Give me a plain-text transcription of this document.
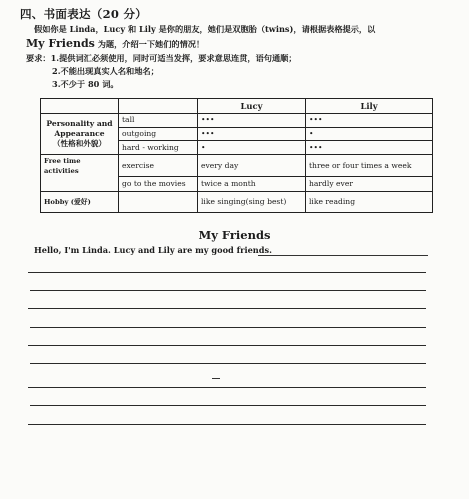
四、书面表达（20 分）
假如你是 Linda，Lucy 和 Lily 是你的朋友，她们是双胞胎（twins)，请根据表格提示，以
My Friends 为题，介绍一下她们的情况！
要求：1.提供词汇必须使用，同时可适当发挥，要求意思连贯，语句通顺；
2.不能出现真实人名和地名；
3.不少于 80 词。
		Lucy	Lily

Personality and
Appearance
（性格和外貌）	tall	•••	•••
	outgoing	•••	•
	hard - working	•	•••
Free time activities	exercise	every day	three or four times a week
	go to the movies	twice a month	hardly ever
Hobby (爱好)		like singing(sing best)	like reading
My Friends
Hello, I'm Linda. Lucy and Lily are my good friends.
